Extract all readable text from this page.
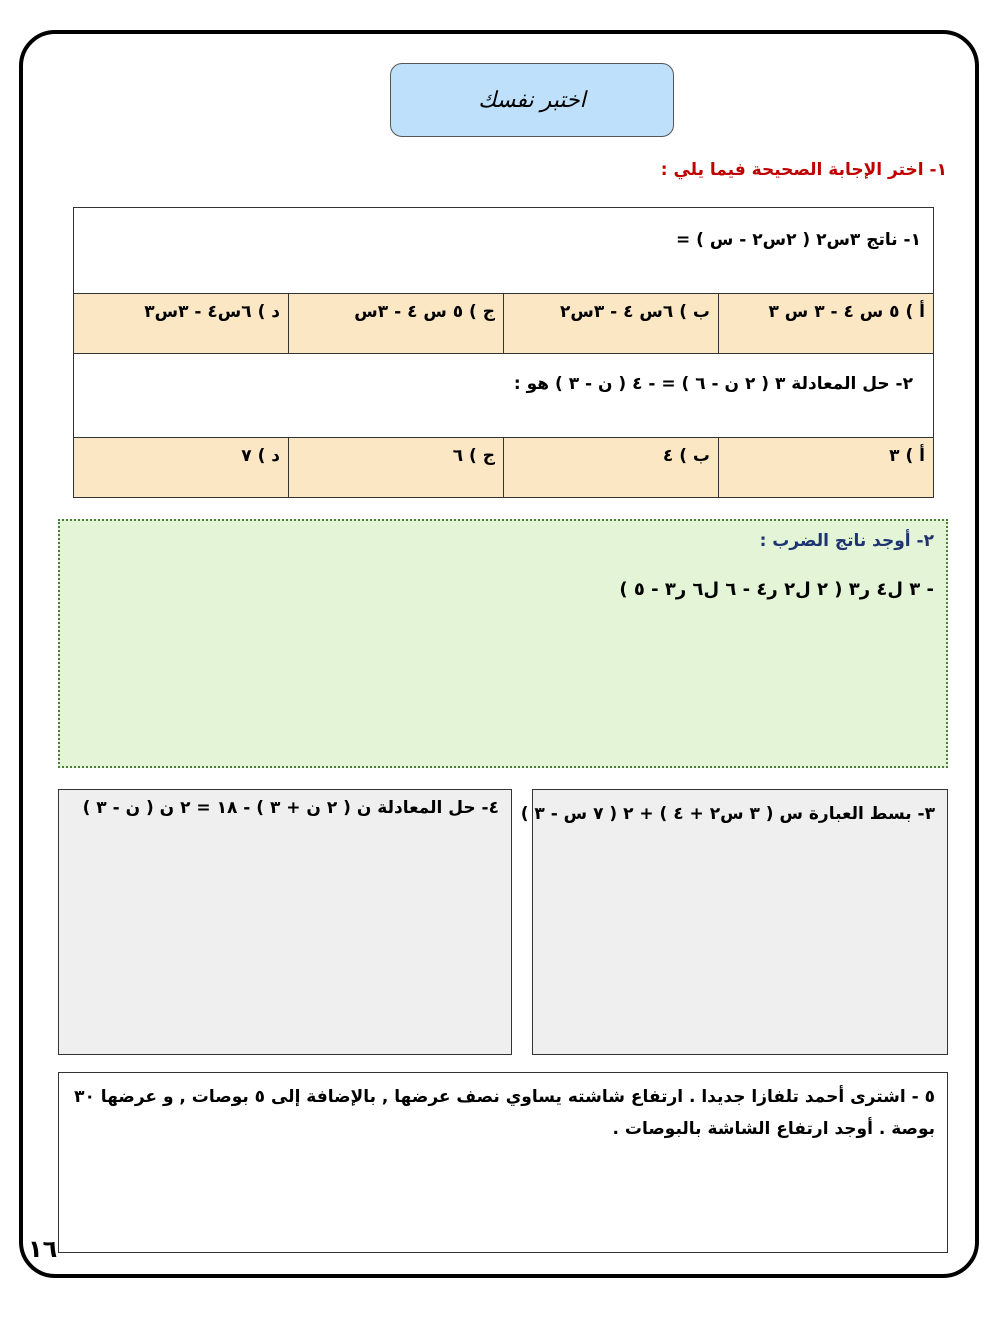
اختبر نفسك
١- اختر الإجابة الصحيحة فيما يلي :
١- ناتج ٣س٢ ( ٢س٢ - س ) =			
أ ) ٥ س ٤ - ٣ س ٣	ب ) ٦س ٤ - ٣س٢	ج ) ٥ س ٤ - ٣س	د ) ٦س٤ - ٣س٣
٢- حل المعادلة ٣ ( ٢ ن - ٦ ) = - ٤ ( ن - ٣ ) هو :			
أ ) ٣	ب ) ٤	ج ) ٦	د ) ٧
٢- أوجد ناتج الضرب :
- ٣ ل٤ ر٣ ( ٢ ل٢ ر٤ - ٦ ل٦ ر٣ - ٥ )
٣- بسط العبارة س ( ٣ س٢ + ٤ ) + ٢ ( ٧ س - ٣ )
٤- حل المعادلة ن ( ٢ ن + ٣ ) - ١٨ = ٢ ن ( ن - ٣ )
٥ - اشترى أحمد تلفازا جديدا . ارتفاع شاشته يساوي نصف عرضها , بالإضافة إلى ٥ بوصات , و عرضها ٣٠ بوصة . أوجد ارتفاع الشاشة بالبوصات .
١٦
